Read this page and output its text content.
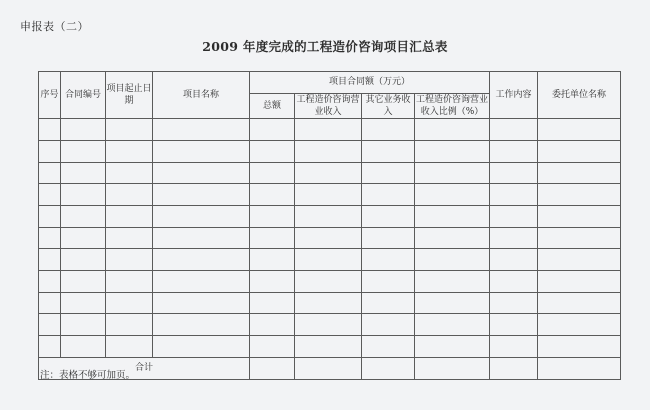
申报表（二）
2009 年度完成的工程造价咨询项目汇总表
序号	合同编号	项目起止日期	项目名称	项目合同额（万元）				工作内容	委托单位名称
				总额	工程造价咨询营业收入	其它业务收入	工程造价咨询营业收入比例（%）		

合计									
注：表格不够可加页。
